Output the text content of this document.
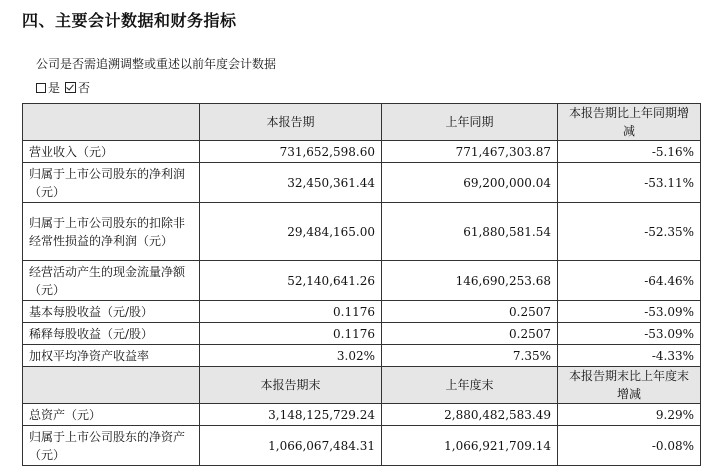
四、主要会计数据和财务指标
公司是否需追溯调整或重述以前年度会计数据
是 否
	本报告期	上年同期	本报告期比上年同期增减
营业收入（元）	731,652,598.60	771,467,303.87	-5.16%
归属于上市公司股东的净利润（元）	32,450,361.44	69,200,000.04	-53.11%
归属于上市公司股东的扣除非经常性损益的净利润（元）	29,484,165.00	61,880,581.54	-52.35%
经营活动产生的现金流量净额（元）	52,140,641.26	146,690,253.68	-64.46%
基本每股收益（元/股）	0.1176	0.2507	-53.09%
稀释每股收益（元/股）	0.1176	0.2507	-53.09%
加权平均净资产收益率	3.02%	7.35%	-4.33%
	本报告期末	上年度末	本报告期末比上年度末增减
总资产（元）	3,148,125,729.24	2,880,482,583.49	9.29%
归属于上市公司股东的净资产（元）	1,066,067,484.31	1,066,921,709.14	-0.08%
